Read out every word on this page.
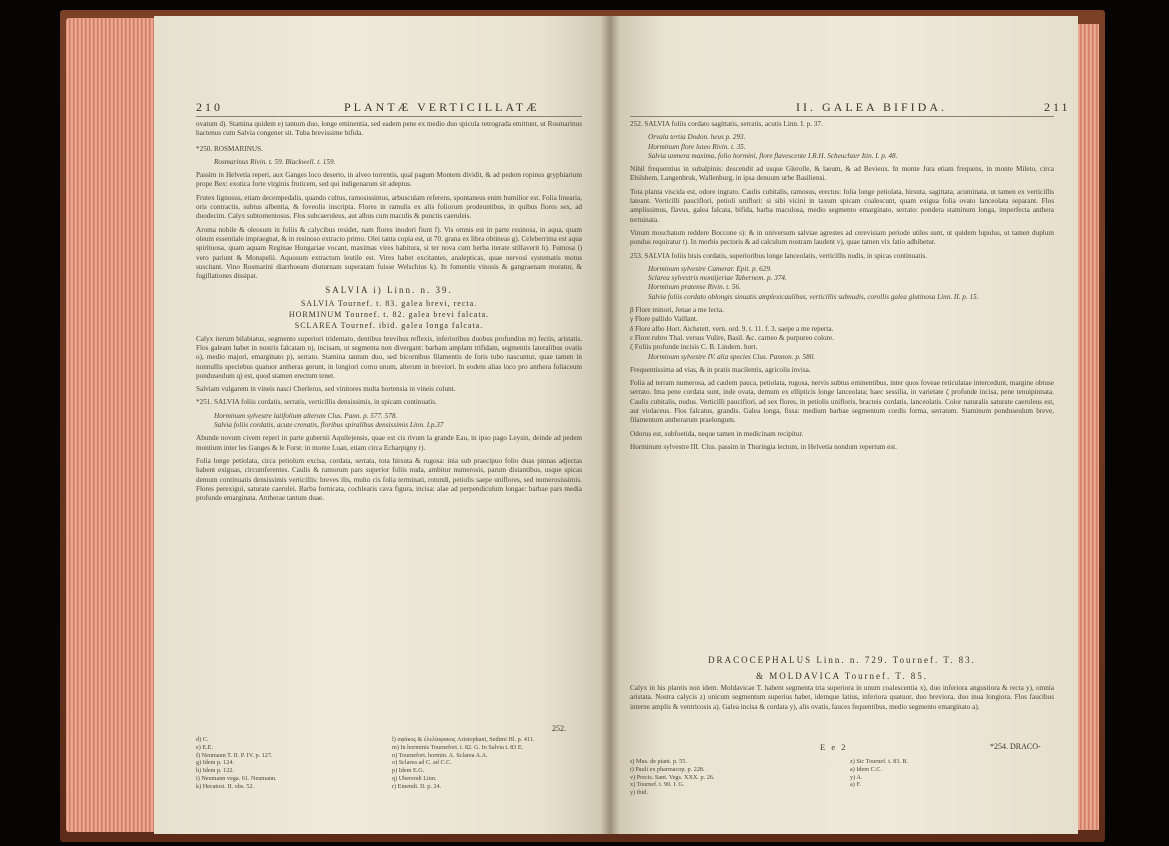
210	PLANTÆ VERTICILLATÆ

ovatum d). Stamina quidem e) tantum duo, longe eminentia, sed eadem pene ex medio duo spicula retrograda emittunt, ut Rosmarinus hactenus cum Salvia congener sit. Tuba brevissime bifida.

*250. ROSMARINUS.

Rosmarinus Rivin. t. 59. Blackwell. t. 159.

Passim in Helvetia reperi, aux Ganges loco deserto, in alveo torrentis, qual pagum Montem dividit, & ad pedem ropinus gryphiarium prope Bex: exotica forte virginis fruticem, sed qui indigenarum sit adeptus.

Frutex lignosus, etiam decempedalis, quando cultus, ramosissimus, arbusculam referens, spontaneus enim humilior est. Folia linearia, oris contractis, subtus albentia, & foveolis inscripta. Flores in ramulis ex alis foliorum prodeuntibus, in quibus flores sex, ad duodecim. Calyx subtomentosus. Flos subcaeruleus, aut albus cum maculis & punctis caeruleis.

Aroma nobile & oleosum in foliis & calycibus residet, nam flores inodori fiunt f). Vis omnis est in parte resinosa, in aqua, quam oleum essentiale impraegnat, & in resinoso extracto primo. Olei tanta copia est, ut 70. grana ex libra obtineas g). Celeberrima est aqua spirituosa, quam aquam Reginae Hungariae vocant, maximas vires habitura, si ter nova cum herba iterate stillaverit h). Fumosa i) vero pariunt & Monspelii. Aquosum extractum leutile est. Vires habet excitantes, analepticas, quae nervosi systematis motus suscitant. Vino Rosmarini diarrhoeam diuturnam superatam fuisse Welschius k). In fomentis vinosis & gangraenam moratur, & fugillationes dissipat.

SALVIA i) Linn. n. 39.
SALVIA Tournef. t. 83. galea brevi, recta.
HORMINUM Tournef. t. 82. galea brevi falcata.
SCLAREA Tournef. ibid. galea longa falcata.

Calyx iterum bilabiatus, segmento superiori tridentato, dentibus brevibus reflexis, inferioribus duobus profundius m) fectis, aristatis. Flos galeam habet in nostris falcatam n), incisam, ut segmenta non divergant: barbam amplam trifidam, segmentis lateralibus ovatis o), medio majori, emarginato p), serrato. Stamina tantum duo, sed bicornibus filamentis de foris tubo nascuntur, quae tamen in nonnullis speciebus quatuor antheras gerunt, in longiori cornu unum, alterum in breviori. In eodem alias loco pro anthera foliaceum ponduseulum q) est, quod stamen erectum tenet.

Salviam vulgarem in vineis nasci Cherlerus, sed vinitores multa hortensia in vineis colunt.

*251. SALVIA foliis cordatis, serratis, verticillis densissimis, in spicam continuatis.

Horminum sylvestre latifolium alterum Clus. Pann. p. 577. 578.

Salvia foliis cordatis, acute crenatis, floribus spiralibus densissimis Linn. I.p.37

Abunde novum civem reperi in parte gubernii Aquilejensis, quae est cis rivum la grande Eau, in ipso pago Leysin, deinde ad pedem montium inter les Ganges & le Forst: in monte Luan, etiam circa Echarpigny r).

Folia longe petiolata, circa petiolum excisa, cordata, serrata, tota hirsuta & rugosa: inia sub praecipuo folio duas pinnas adjectas habent exiguas, circumferentes. Caulis & ramorum pars superior foliis nuda, ambitur numerosis, parum distantibus, usque spicas demum continuatis densissimis verticillis: breves ilis, multo cis folia terminati, rotundi, petiolis saepe uniflores, sed numerosissimis. Flores perexigui, saturate caerulei. Barba fornicata, cochlearis cava figura, incisa: alae ad perpendiculum longae: barbae pars media profunde emarginata. Antherae tantum duae.

252.
d) C.
e) E.E.
f) Neumann T. II. P. IV. p. 127.
g) Idem p. 124.
h) Idem p. 122.
i) Neumann vega. 61. Neumann.
k) Hecatost. II. obs. 52.
l) σφάκος & ἐλελίσφακος Aristophani, Sedimi Hl. p. 411.
m) In horminis Tournefort. t. 82. G. In Salvia t. 83 E.
n) Tournefort. hormin. A. Sclarea A.A.
o) Sclarea ad C. ad C.C.
p) Idem E.G.
q) Ubereodi Linn.
r) Emendi. II. p. 24.
II. GALEA BIFIDA.	211

252. SALVIA foliis cordato sagittatis, serratis, acutis Linn. I. p. 37.

Orvala tertia Dodon. heus p. 293.

Horminum flore luteo Rivin. t. 35.

Salvia unmera maxima, folio hormini, flore flavescente I.R.H. Scheuchzer Itin. I. p. 48.

Nihil frequentius in subalpinis: descendit ad usque Glerolle, & laeum, & ad Bevieux. In monte Jura etiam frequens, in monte Mileto, circa Ebilshem, Langenbruk, Wallenburg, in ipsa denuum urbe Basiliensi.

Tota planta viscida est, odore ingrato. Caulis cubitalis, ramosus, erectus: folia longe petiolata, hirsuta, sagittata, acuminata, ut tamen ex verticillis lateant. Verticilli pauciflori, petioli uniflori: si sibi vicini in taxum spicam coalescunt, quam exigua folia ovato lanceolata separant. Flos amplissimus, flavus, galea falcata, bifida, barba maculosa, medio segmento emarginato, serrato: pondera staminum longa, imperfecta anthera terminata.

Vinum moschatum reddere Boccone s): & in universum salviae agrestes ad cerevisiam periode utiles sunt, ut quidem lupulus, ut tamen duplum pondus requiratur t). In morbis pectoris & ad calculum nostram laudent v), quae tamen vix fatio adhibetur.

253. SALVIA foliis bisis cordatis, superioribus longe lanceolatis, verticillis nudis, in spicas continuatis.

Horminum sylvestre Camerar. Epit. p. 629.

Sclarea sylvestris montijeriae Tabernem. p. 374.

Horminum pratense Rivin. t. 56.

Salvia foliis cordato oblongis sinuatis amplexicaulibus, verticillis subnudis, corollis galea glutinosa Linn. II. p. 15.

β Flore minori, Jenae a me lecta.

γ Flore pallido Vaillant.

δ Flore albo Hort. Aichstett. vern. ord. 9. t. 11. f. 3. saepe a me reperta.

ε Flore rubro Thal. versus Vulire, Basil. &c. carneo & purpureo colore.

ζ Foliis profunde incisis C. B. Lindern. hort.

Horminum sylvestre IV. alia species Clus. Pannon. p. 580.

Frequentissima ad vias, & in pratis macilentis, agricolis invisa.

Folia ad terram numerosa, ad caulem pauca, petiolata, rugosa, nervis subtus eminentibus, inter quos foveae reticulatae intercedunt, margine obtuse serrato. Ima pene cordata sunt, inde ovata, demum ex ellipticis longe lanceolata; haec sessilia, in varietate ζ profunde incisa, pene tenuipinnata. Caulis cubitalis, nudus. Verticilli pauciflori, ad sex flores, in petiolis unifloris, bracteis cordatis, lanceolatis. Color naturalis saturate caeruleus est, aut violaceus. Flos falcatus, grandis. Galea longa, fissa: medium barbae segmentum cordis forma, serratum. Staminum ponduseulum breve, filamentum antherarum praelongum.

Odorus est, subfoetida, neque tamen in medicinam recipitur.

Horminum sylvestre III. Clus. passim in Thuringia lectum, in Helvetia nondum repertum est.

DRACOCEPHALUS Linn. n. 729. Tournef. T. 83.
& MOLDAVICA Tournef. T. 85.

Calyx in his plantis non idem. Moldavicae T. habent segmenta tria superiora in unum coalescentia x), duo inferiora angustiora & recta y), omnia aristata. Nostra calycis z) unicum segmentum superius habet, idemque latius, inferiora quatuor, duo breviora, duo inua longiora. Flos faucibus interne amplis & ventricosis a). Galea incisa & cordata y), alis ovatis, fauces fequentibus, medio segmento emarginato a).

E e 2	*254. DRACO-
s) Mus. de piant. p. 55.
t) Pauli ex pharmacop. p. 228.
v) Precis. Sant. Vegs. XXX. p. 26.
x) Tournef. t. 90. I. G.
y) ibid.
z) Sic Tournef. t. 83. B.
a) Idem C.C.
y) A.
a) F.
